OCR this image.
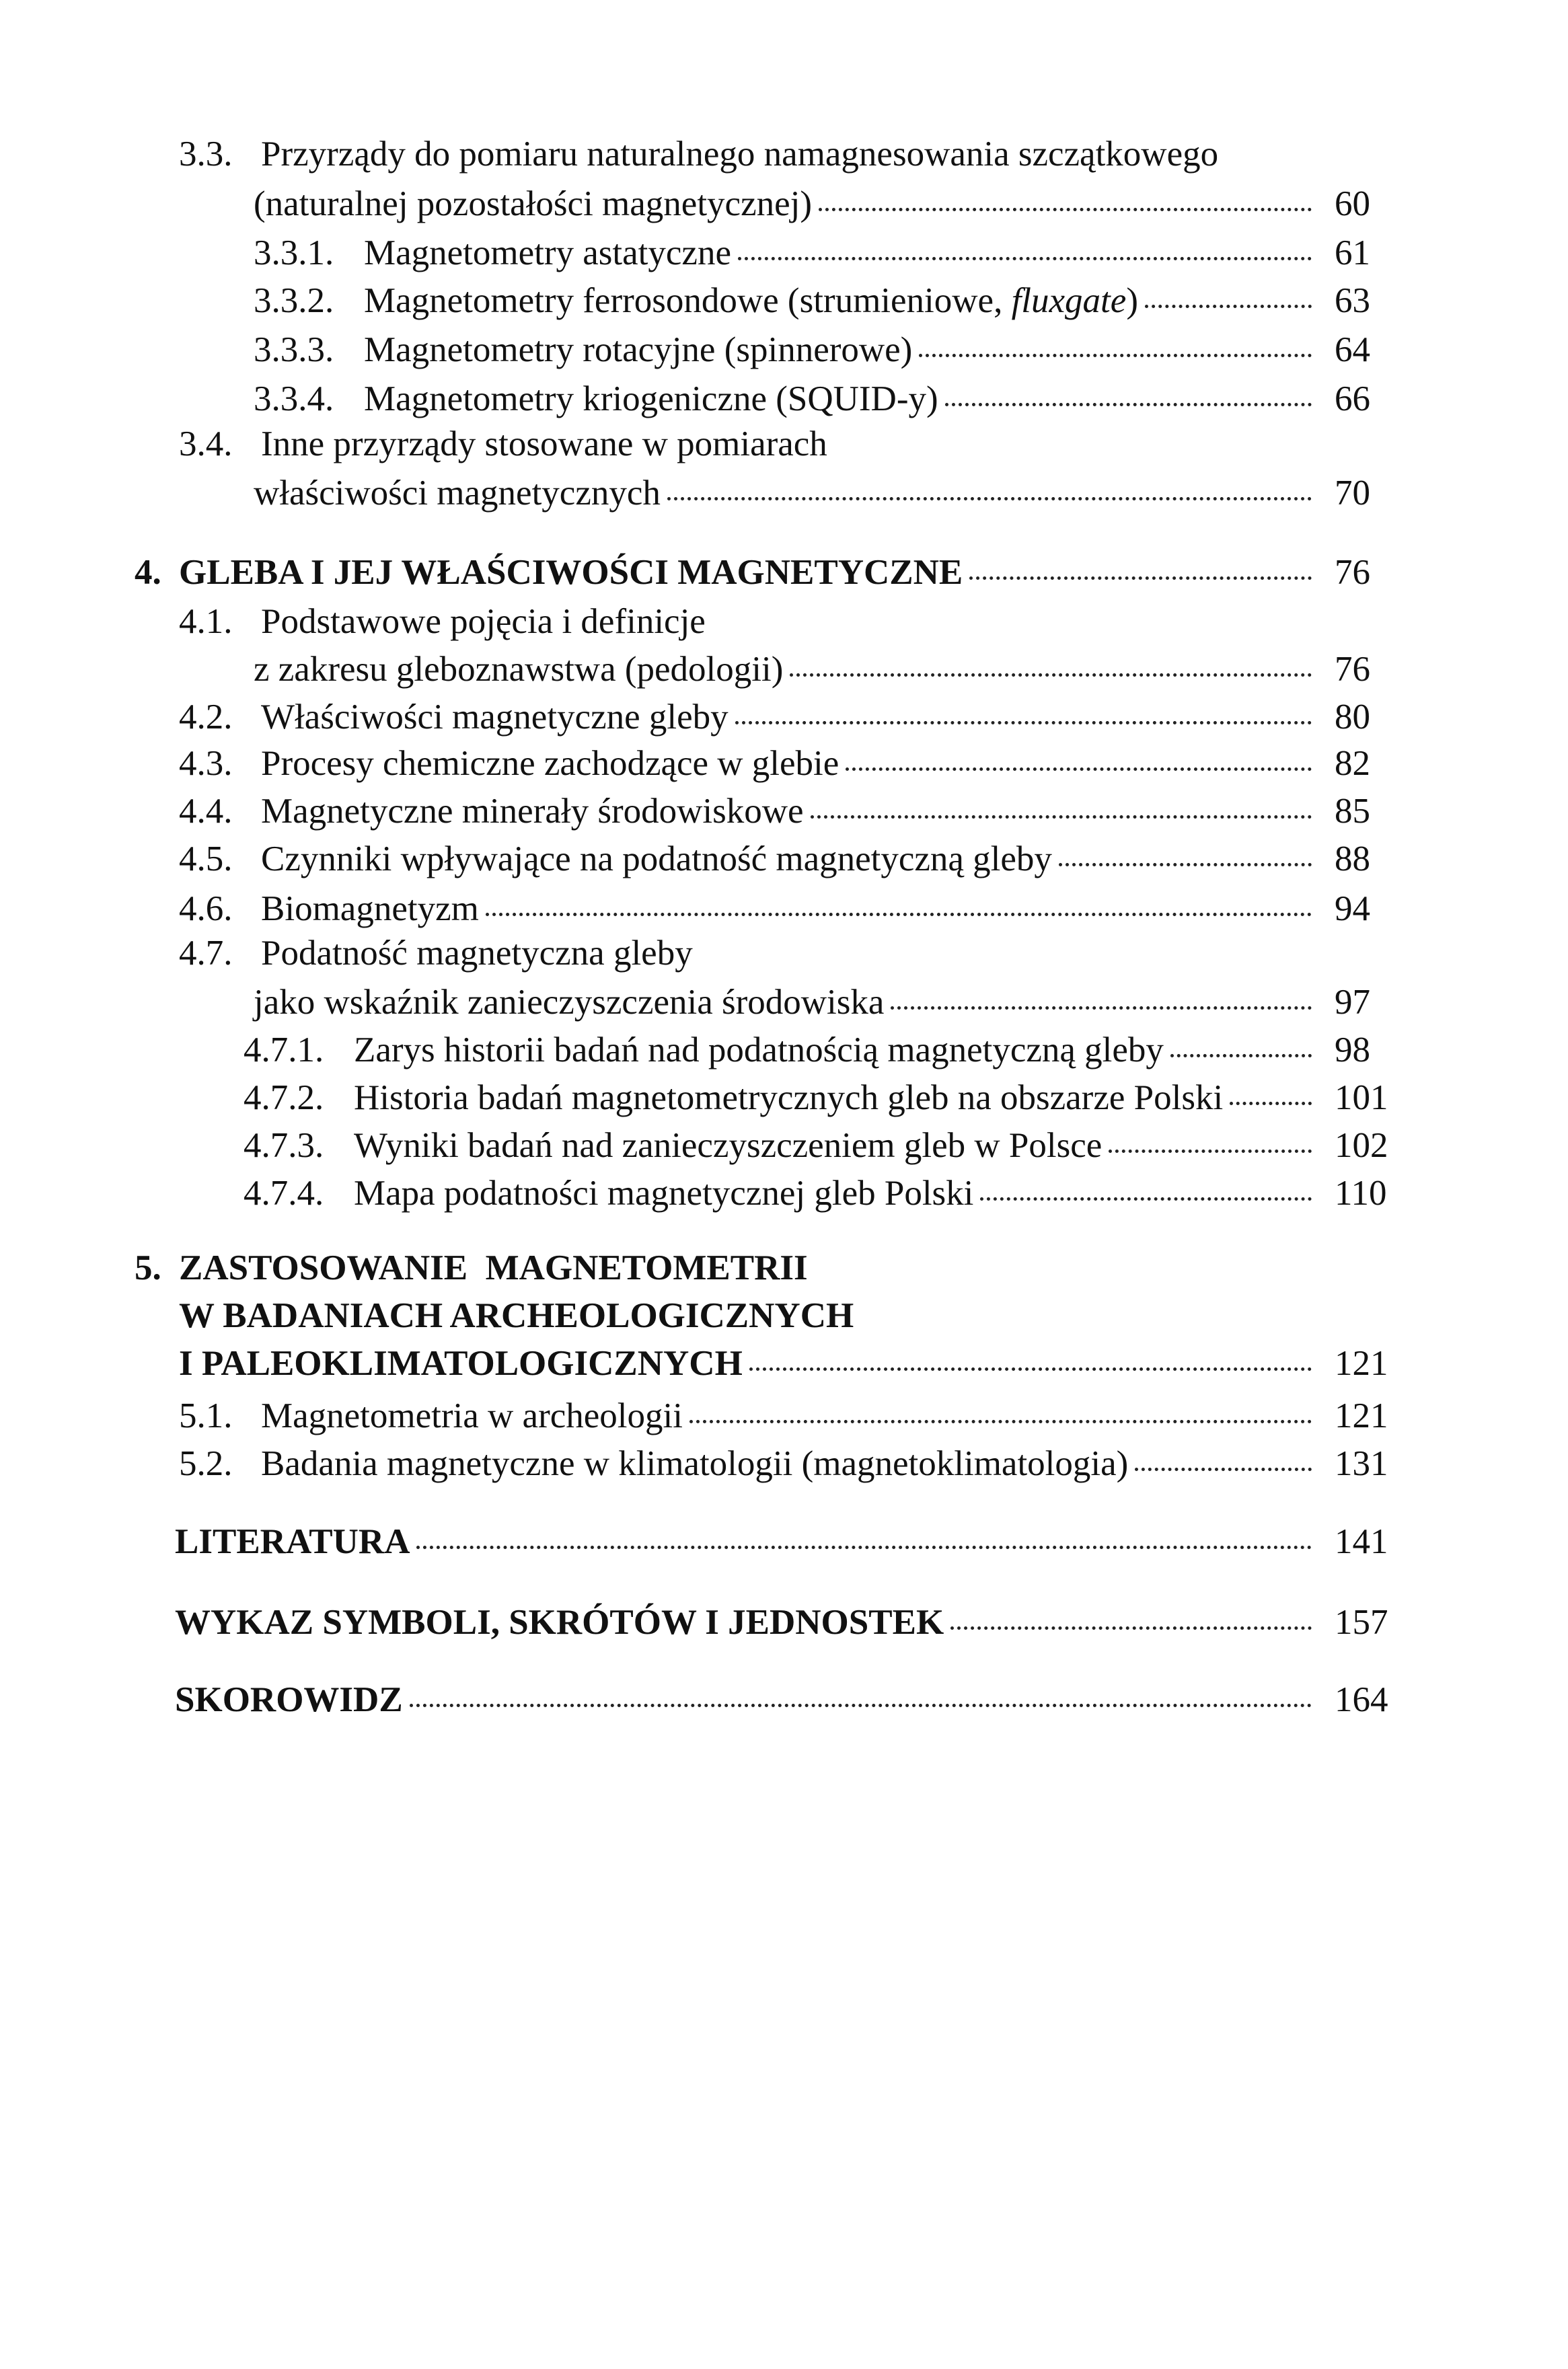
3.3. Przyrządy do pomiaru naturalnego namagnesowania szczątkowego
(naturalnej pozostałości magnetycznej)	60
3.3.1. Magnetometry astatyczne	61
3.3.2. Magnetometry ferrosondowe (strumieniowe, fluxgate)	63
3.3.3. Magnetometry rotacyjne (spinnerowe)	64
3.3.4. Magnetometry kriogeniczne (SQUID-y)	66
3.4. Inne przyrządy stosowane w pomiarach
właściwości magnetycznych	70
4. GLEBA I JEJ WŁAŚCIWOŚCI MAGNETYCZNE	76
4.1. Podstawowe pojęcia i definicje
z zakresu gleboznawstwa (pedologii)	76
4.2. Właściwości magnetyczne gleby	80
4.3. Procesy chemiczne zachodzące w glebie	82
4.4. Magnetyczne minerały środowiskowe	85
4.5. Czynniki wpływające na podatność magnetyczną gleby	88
4.6. Biomagnetyzm	94
4.7. Podatność magnetyczna gleby
jako wskaźnik zanieczyszczenia środowiska	97
4.7.1. Zarys historii badań nad podatnością magnetyczną gleby	98
4.7.2. Historia badań magnetometrycznych gleb na obszarze Polski	101
4.7.3. Wyniki badań nad zanieczyszczeniem gleb w Polsce	102
4.7.4. Mapa podatności magnetycznej gleb Polski	110
5. ZASTOSOWANIE  MAGNETOMETRII
W BADANIACH ARCHEOLOGICZNYCH
I PALEOKLIMATOLOGICZNYCH	121
5.1. Magnetometria w archeologii	121
5.2. Badania magnetyczne w klimatologii (magnetoklimatologia)	131
LITERATURA	141
WYKAZ SYMBOLI, SKRÓTÓW I JEDNOSTEK	157
SKOROWIDZ	164
